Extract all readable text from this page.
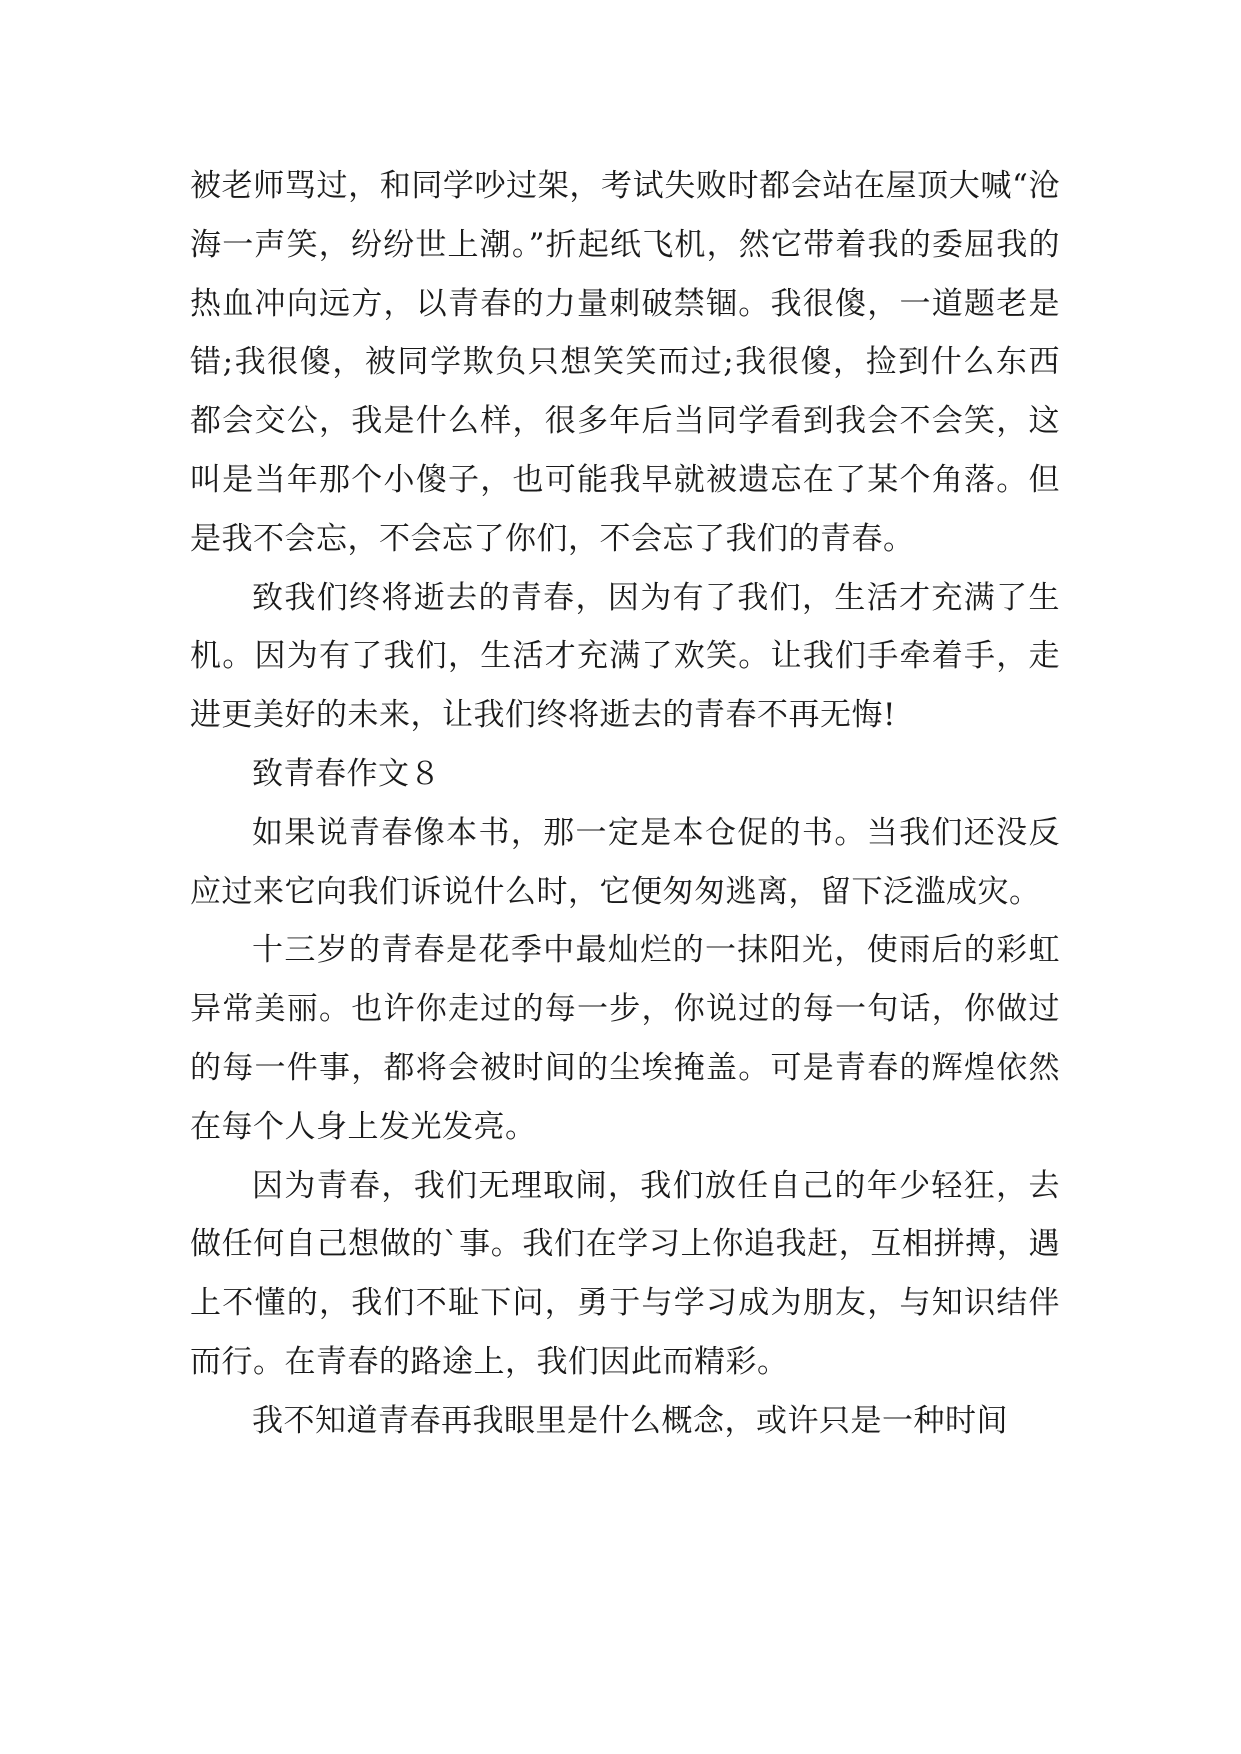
被老师骂过，和同学吵过架，考试失败时都会站在屋顶大喊“沧海一声笑，纷纷世上潮。”折起纸飞机，然它带着我的委屈我的热血冲向远方，以青春的力量刺破禁锢。我很傻，一道题老是错;我很傻，被同学欺负只想笑笑而过;我很傻，捡到什么东西都会交公，我是什么样，很多年后当同学看到我会不会笑，这叫是当年那个小傻子，也可能我早就被遗忘在了某个角落。但是我不会忘，不会忘了你们，不会忘了我们的青春。

致我们终将逝去的青春，因为有了我们，生活才充满了生机。因为有了我们，生活才充满了欢笑。让我们手牵着手，走进更美好的未来，让我们终将逝去的青春不再无悔!

致青春作文８

如果说青春像本书，那一定是本仓促的书。当我们还没反应过来它向我们诉说什么时，它便匆匆逃离，留下泛滥成灾。

十三岁的青春是花季中最灿烂的一抹阳光，使雨后的彩虹异常美丽。也许你走过的每一步，你说过的每一句话，你做过的每一件事，都将会被时间的尘埃掩盖。可是青春的辉煌依然在每个人身上发光发亮。

因为青春，我们无理取闹，我们放任自己的年少轻狂，去做任何自己想做的`事。我们在学习上你追我赶，互相拼搏，遇上不懂的，我们不耻下问，勇于与学习成为朋友，与知识结伴而行。在青春的路途上，我们因此而精彩。

我不知道青春再我眼里是什么概念，或许只是一种时间
